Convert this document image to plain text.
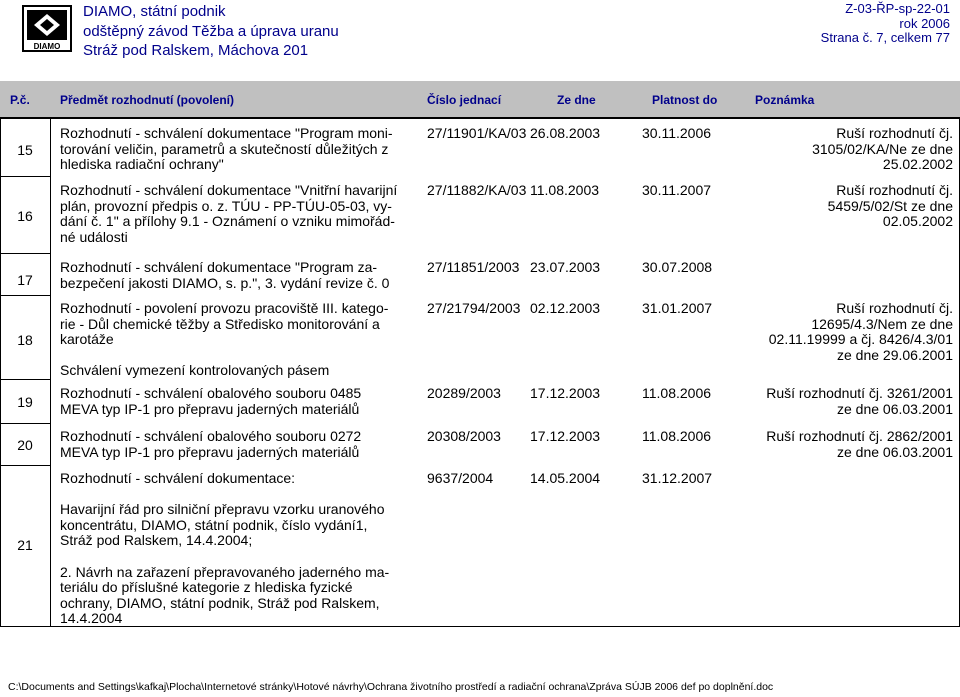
DIAMO
DIAMO, státní podnik
odštěpný závod Těžba a úprava uranu
Stráž pod Ralskem, Máchova 201
Z-03-ŘP-sp-22-01
rok 2006
Strana č. 7, celkem 77
P.č.	Předmět rozhodnutí (povolení)	Číslo jednací	Ze dne	Platnost do	Poznámka
15
Rozhodnutí - schválení dokumentace "Program moni-
torování veličin, parametrů a skutečností důležitých z
hlediska radiační ochrany"
27/11901/KA/03 26.08.2003	30.11.2006	Ruší rozhodnutí čj.
3105/02/KA/Ne ze dne
25.02.2002
16
Rozhodnutí - schválení dokumentace "Vnitřní havarijní
plán, provozní předpis o. z. TÚU - PP-TÚU-05-03, vy-
dání č. 1" a přílohy 9.1 - Oznámení o vzniku mimořád-
né události
27/11882/KA/03 11.08.2003	30.11.2007	Ruší rozhodnutí čj.
5459/5/02/St ze dne
02.05.2002
17
Rozhodnutí - schválení dokumentace "Program za-
bezpečení jakosti DIAMO, s. p.", 3. vydání revize č. 0
27/11851/2003 23.07.2003	30.07.2008
18
Rozhodnutí - povolení provozu pracoviště III. katego-
rie - Důl chemické těžby a Středisko monitorování a
karotáže

Schválení vymezení kontrolovaných pásem
27/21794/2003 02.12.2003	31.01.2007	Ruší rozhodnutí čj.
12695/4.3/Nem ze dne
02.11.19999 a čj. 8426/4.3/01
ze dne 29.06.2001
19
Rozhodnutí - schválení obalového souboru 0485
MEVA typ IP-1 pro přepravu jaderných materiálů
20289/2003 17.12.2003	11.08.2006	Ruší rozhodnutí čj. 3261/2001
ze dne 06.03.2001
20
Rozhodnutí - schválení obalového souboru 0272
MEVA typ IP-1 pro přepravu jaderných materiálů
20308/2003 17.12.2003	11.08.2006	Ruší rozhodnutí čj. 2862/2001
ze dne 06.03.2001
21
Rozhodnutí - schválení dokumentace:

Havarijní řád pro silniční přepravu vzorku uranového
koncentrátu, DIAMO, státní podnik, číslo vydání1,
Stráž pod Ralskem, 14.4.2004;

2. Návrh na zařazení přepravovaného jaderného ma-
teriálu do příslušné kategorie z hlediska fyzické
ochrany, DIAMO, státní podnik, Stráž pod Ralskem,
14.4.2004
9637/2004	14.05.2004	31.12.2007
C:\Documents and Settings\kafkaj\Plocha\Internetové stránky\Hotové návrhy\Ochrana životního prostředí a radiační ochrana\Zpráva SÚJB 2006 def po doplnění.doc
